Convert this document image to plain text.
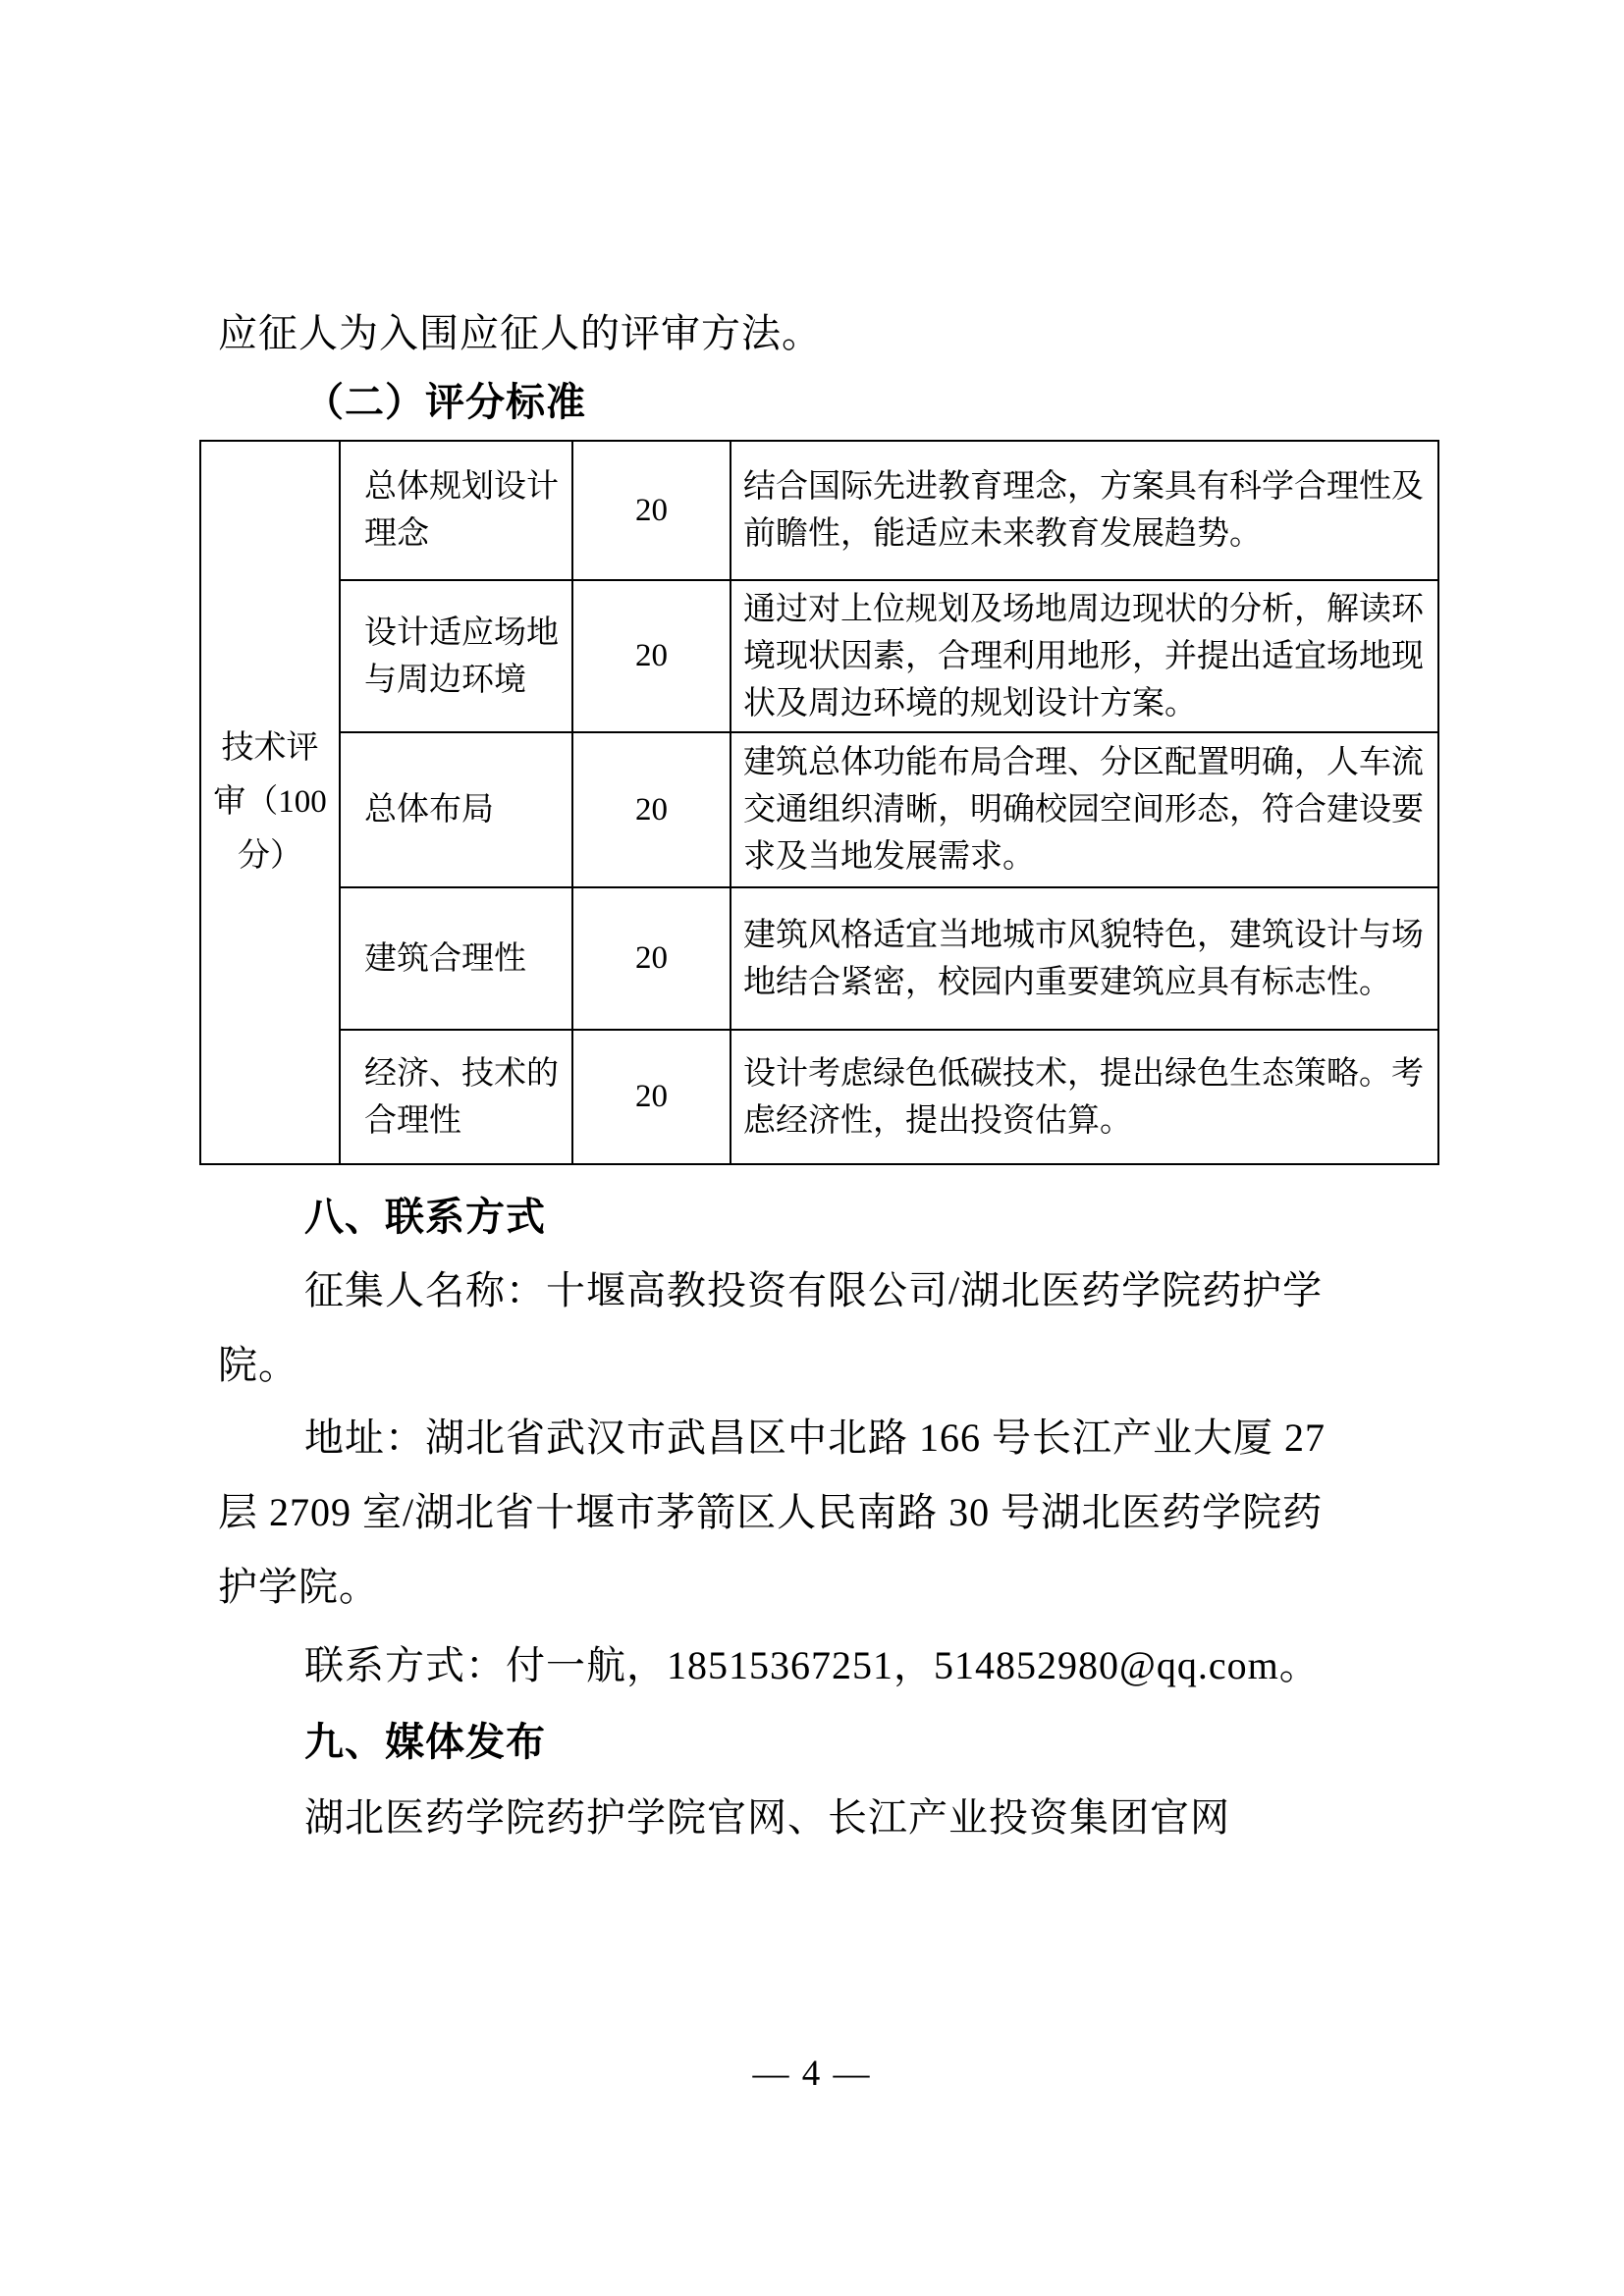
应征人为入围应征人的评审方法。
（二）评分标准
技术评审（100分）	总体规划设计理念	20	结合国际先进教育理念，方案具有科学合理性及前瞻性，能适应未来教育发展趋势。
	设计适应场地与周边环境	20	通过对上位规划及场地周边现状的分析，解读环境现状因素，合理利用地形，并提出适宜场地现状及周边环境的规划设计方案。
	总体布局	20	建筑总体功能布局合理、分区配置明确，人车流交通组织清晰，明确校园空间形态，符合建设要求及当地发展需求。
	建筑合理性	20	建筑风格适宜当地城市风貌特色，建筑设计与场地结合紧密，校园内重要建筑应具有标志性。
	经济、技术的合理性	20	设计考虑绿色低碳技术，提出绿色生态策略。考虑经济性，提出投资估算。
八、联系方式
征集人名称：十堰高教投资有限公司/湖北医药学院药护学
院。
地址：湖北省武汉市武昌区中北路 166 号长江产业大厦 27
层 2709 室/湖北省十堰市茅箭区人民南路 30 号湖北医药学院药
护学院。
联系方式：付一航，18515367251，514852980@qq.com。
九、媒体发布
湖北医药学院药护学院官网、长江产业投资集团官网
— 4 —
